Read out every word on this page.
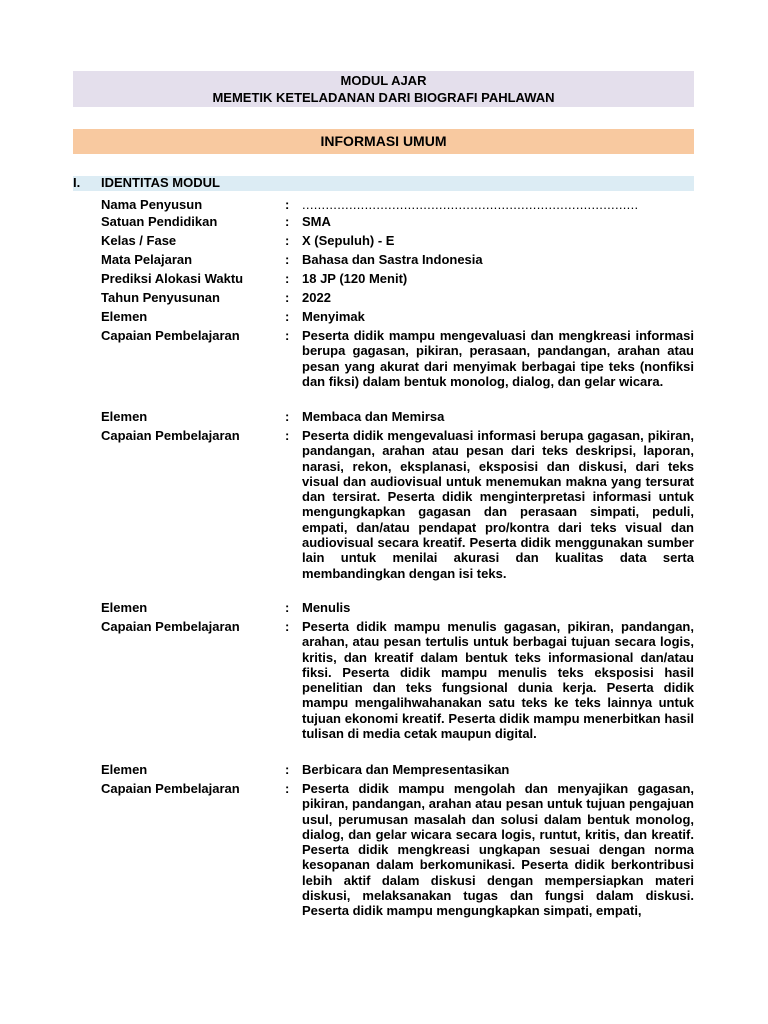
MODUL AJAR
MEMETIK KETELADANAN DARI BIOGRAFI PAHLAWAN
INFORMASI UMUM
I. IDENTITAS MODUL
Nama Penyusun	: ......................................................................................
Satuan Pendidikan	: SMA
Kelas / Fase	: X (Sepuluh) - E
Mata Pelajaran	: Bahasa dan Sastra Indonesia
Prediksi Alokasi Waktu	: 18 JP (120 Menit)
Tahun Penyusunan	: 2022
Elemen	: Menyimak
Capaian Pembelajaran	: Peserta didik mampu mengevaluasi dan mengkreasi informasi berupa gagasan, pikiran, perasaan, pandangan, arahan atau pesan yang akurat dari menyimak berbagai tipe teks (nonfiksi dan fiksi) dalam bentuk monolog, dialog, dan gelar wicara.
Elemen	: Membaca dan Memirsa
Capaian Pembelajaran	: Peserta didik mengevaluasi informasi berupa gagasan, pikiran, pandangan, arahan atau pesan dari teks deskripsi, laporan, narasi, rekon, eksplanasi, eksposisi dan diskusi, dari teks visual dan audiovisual untuk menemukan makna yang tersurat dan tersirat. Peserta didik menginterpretasi informasi untuk mengungkapkan gagasan dan perasaan simpati, peduli, empati, dan/atau pendapat pro/kontra dari teks visual dan audiovisual secara kreatif. Peserta didik menggunakan sumber lain untuk menilai akurasi dan kualitas data serta membandingkan dengan isi teks.
Elemen	: Menulis
Capaian Pembelajaran	: Peserta didik mampu menulis gagasan, pikiran, pandangan, arahan, atau pesan tertulis untuk berbagai tujuan secara logis, kritis, dan kreatif dalam bentuk teks informasional dan/atau fiksi. Peserta didik mampu menulis teks eksposisi hasil penelitian dan teks fungsional dunia kerja. Peserta didik mampu mengalihwahanakan satu teks ke teks lainnya untuk tujuan ekonomi kreatif. Peserta didik mampu menerbitkan hasil tulisan di media cetak maupun digital.
Elemen	: Berbicara dan Mempresentasikan
Capaian Pembelajaran	: Peserta didik mampu mengolah dan menyajikan gagasan, pikiran, pandangan, arahan atau pesan untuk tujuan pengajuan usul, perumusan masalah dan solusi dalam bentuk monolog, dialog, dan gelar wicara secara logis, runtut, kritis, dan kreatif. Peserta didik mengkreasi ungkapan sesuai dengan norma kesopanan dalam berkomunikasi. Peserta didik berkontribusi lebih aktif dalam diskusi dengan mempersiapkan materi diskusi, melaksanakan tugas dan fungsi dalam diskusi. Peserta didik mampu mengungkapkan simpati, empati,
